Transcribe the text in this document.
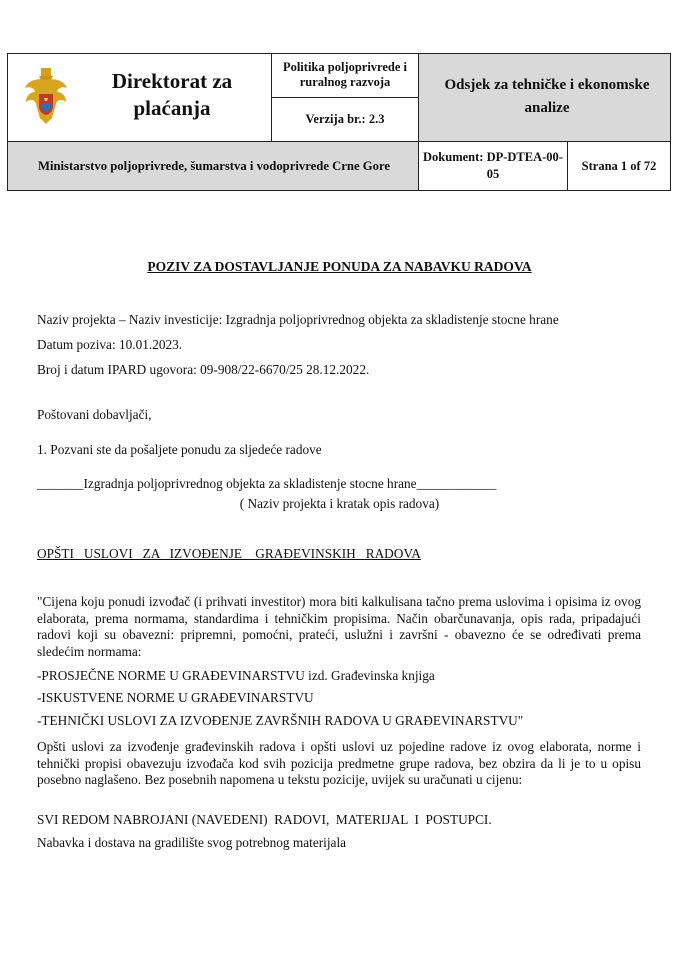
Direktorat za plaćanja
Politika poljoprivrede i ruralnog razvoja
Verzija br.: 2.3
Odsjek za tehničke i ekonomske analize
Ministarstvo poljoprivrede, šumarstva i vodoprivrede Crne Gore
Dokument: DP-DTEA-00-05
Strana 1 of 72
POZIV ZA DOSTAVLJANJE PONUDA ZA NABAVKU RADOVA
Naziv projekta – Naziv investicije: Izgradnja poljoprivrednog objekta za skladistenje stocne hrane
Datum poziva: 10.01.2023.
Broj i datum IPARD ugovora: 09-908/22-6670/25 28.12.2022.
Poštovani dobavljači,
1. Pozvani ste da pošaljete ponudu za sljedeće radove
_______Izgradnja poljoprivrednog objekta za skladistenje stocne hrane____________
( Naziv projekta i kratak opis radova)
OPŠTI   USLOVI   ZA   IZVOĐENJE    GRAĐEVINSKIH   RADOVA
"Cijena koju ponudi izvođač (i prihvati investitor) mora biti kalkulisana tačno prema uslovima i opisima iz ovog elaborata, prema normama, standardima i tehničkim propisima. Način obarčunavanja, opis rada, pripadajući radovi koji su obavezni: pripremni, pomoćni, prateći, uslužni i završni - obavezno će se određivati prema sledećim normama:
-PROSJEČNE NORME U GRAĐEVINARSTVU izd. Građevinska knjiga
-ISKUSTVENE NORME U GRAĐEVINARSTVU
-TEHNIČKI USLOVI ZA IZVOĐENJE ZAVRŠNIH RADOVA U GRAĐEVINARSTVU"
Opšti uslovi za izvođenje građevinskih radova i opšti uslovi uz pojedine radove iz ovog elaborata, norme i tehnički propisi obavezuju izvođača kod svih pozicija predmetne grupe radova, bez obzira da li je to u opisu posebno naglašeno. Bez posebnih napomena u tekstu pozicije, uvijek su uračunati u cijenu:
SVI REDOM NABROJANI (NAVEDENI)  RADOVI,  MATERIJAL  I  POSTUPCI.
Nabavka i dostava na gradilište svog potrebnog materijala
